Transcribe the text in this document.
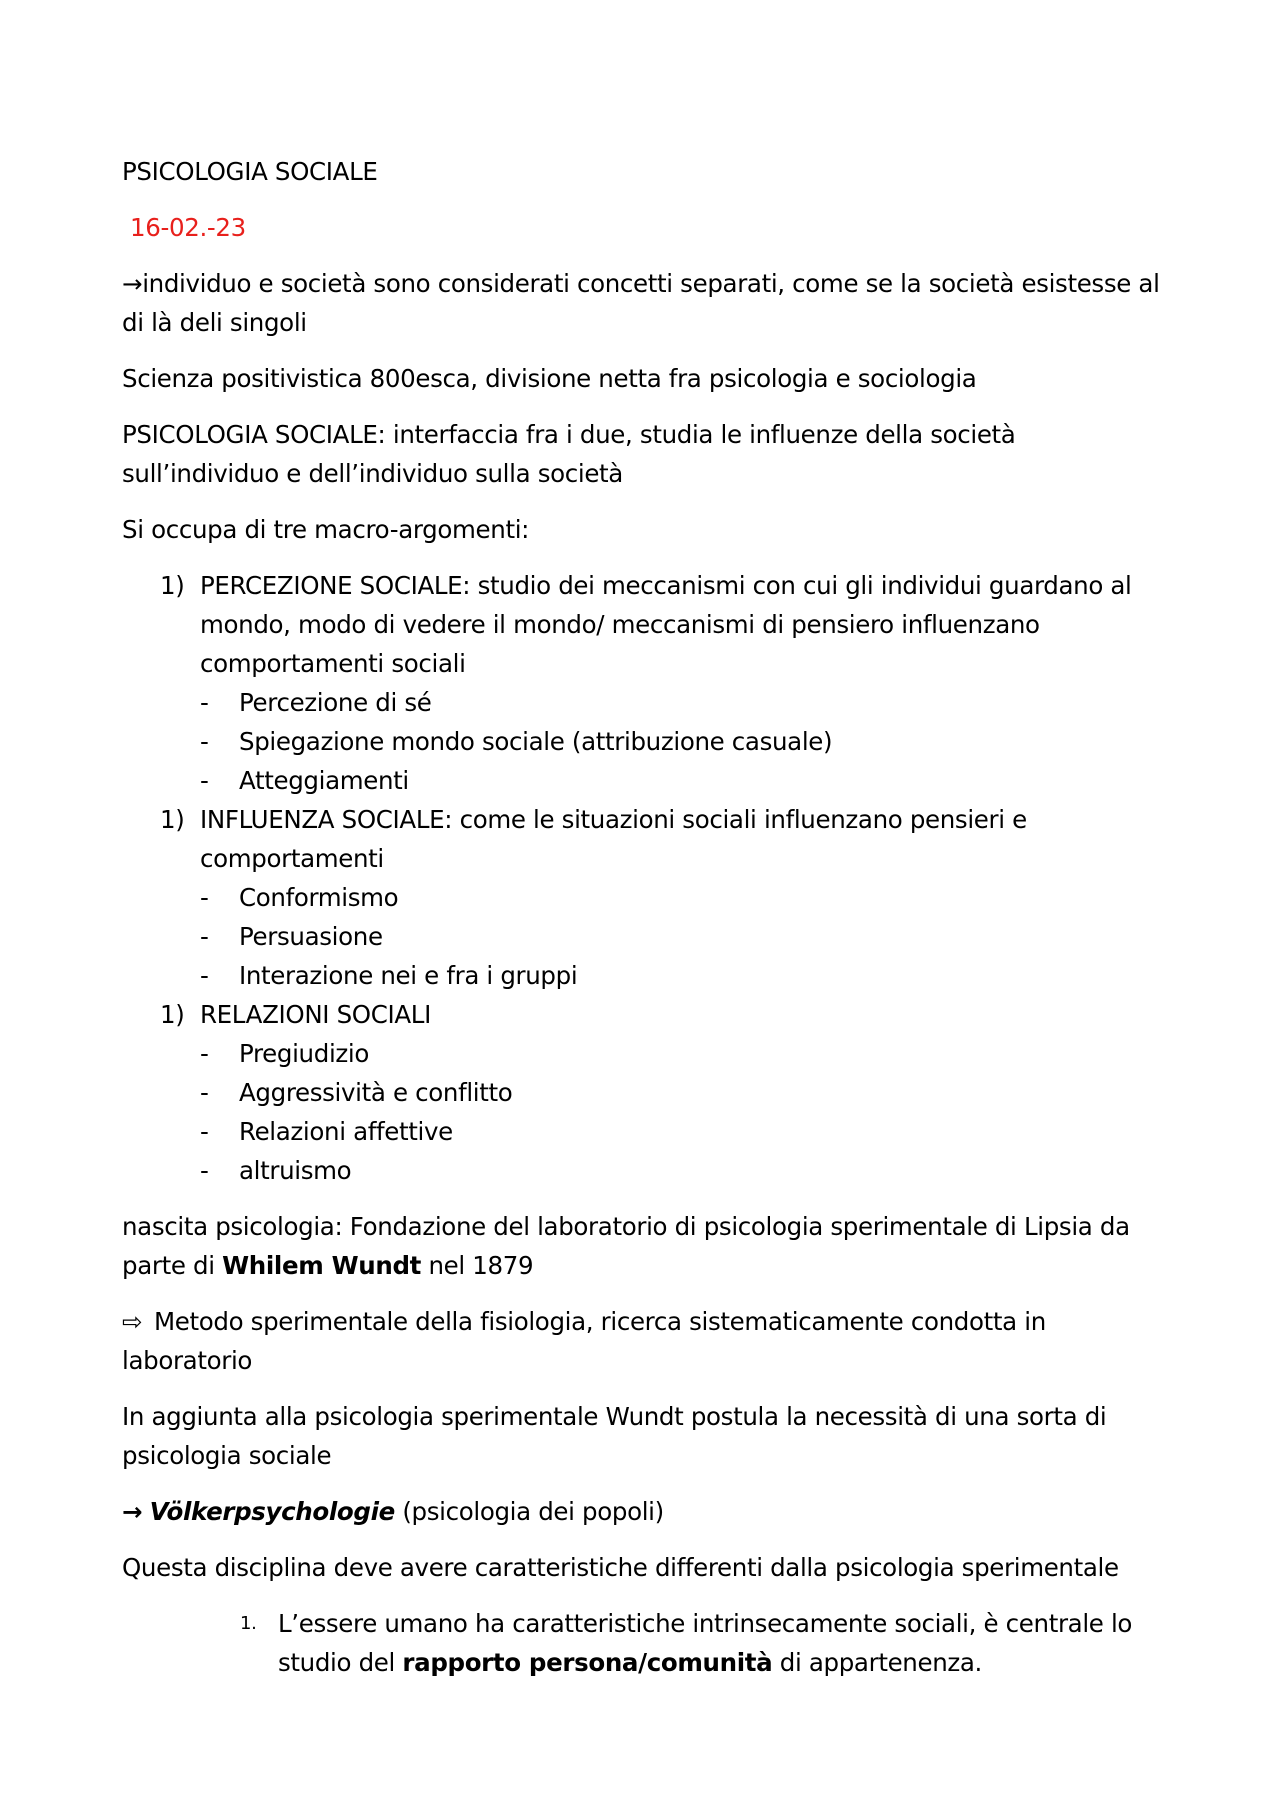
PSICOLOGIA SOCIALE

16-02.-23

→individuo e società sono considerati concetti separati, come se la società esistesse al di là deli singoli

Scienza positivistica 800esca, divisione netta fra psicologia e sociologia

PSICOLOGIA SOCIALE: interfaccia fra i due, studia le influenze della società sull’individuo e dell’individuo sulla società

Si occupa di tre macro-argomenti:

1) PERCEZIONE SOCIALE: studio dei meccanismi con cui gli individui guardano al mondo, modo di vedere il mondo/ meccanismi di pensiero influenzano comportamenti sociali
- Percezione di sé
- Spiegazione mondo sociale (attribuzione casuale)
- Atteggiamenti
1) INFLUENZA SOCIALE: come le situazioni sociali influenzano pensieri e comportamenti
- Conformismo
- Persuasione
- Interazione nei e fra i gruppi
1) RELAZIONI SOCIALI
- Pregiudizio
- Aggressività e conflitto
- Relazioni affettive
- altruismo

nascita psicologia: Fondazione del laboratorio di psicologia sperimentale di Lipsia da parte di Whilem Wundt nel 1879

⇨ Metodo sperimentale della fisiologia, ricerca sistematicamente condotta in laboratorio

In aggiunta alla psicologia sperimentale Wundt postula la necessità di una sorta di psicologia sociale

→ Völkerpsychologie (psicologia dei popoli)

Questa disciplina deve avere caratteristiche differenti dalla psicologia sperimentale

1. L’essere umano ha caratteristiche intrinsecamente sociali, è centrale lo studio del rapporto persona/comunità di appartenenza.
